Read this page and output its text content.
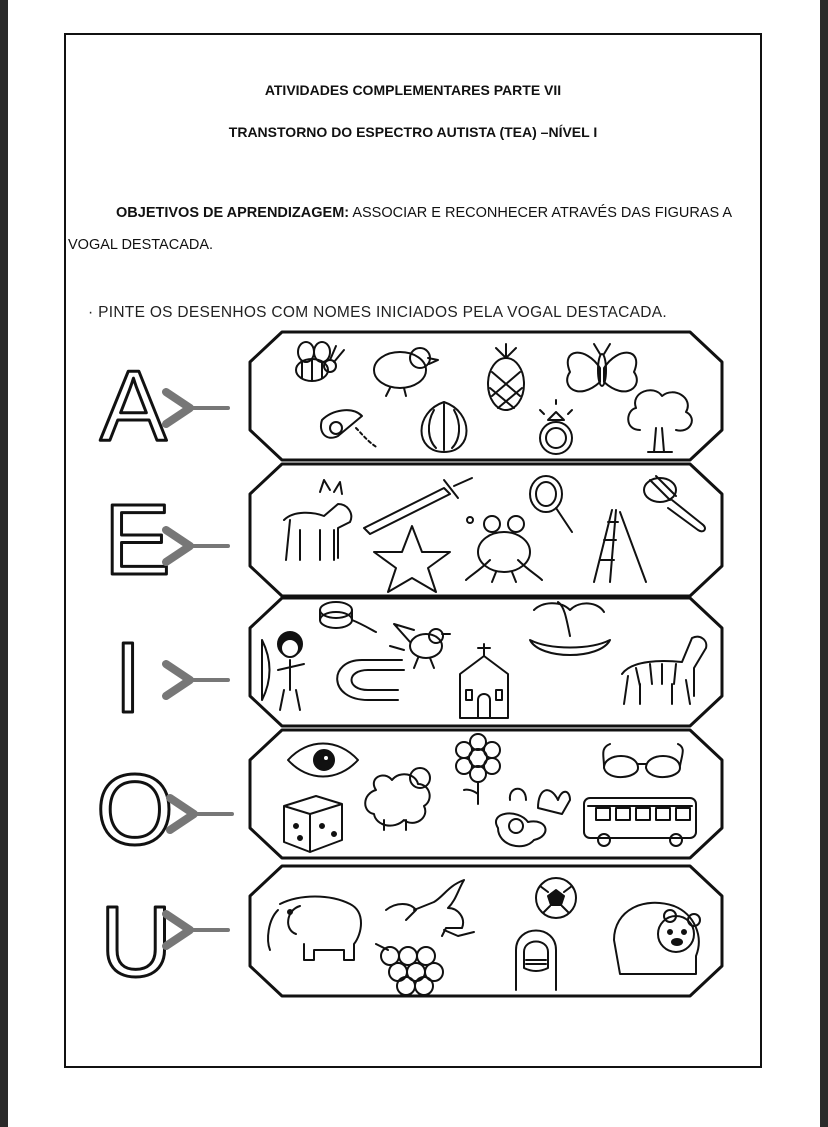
ATIVIDADES COMPLEMENTARES PARTE VII
TRANSTORNO DO ESPECTRO AUTISTA (TEA) –NÍVEL I
OBJETIVOS DE APRENDIZAGEM: ASSOCIAR E RECONHECER ATRAVÉS DAS FIGURAS A VOGAL DESTACADA.
· PINTE OS DESENHOS COM NOMES INICIADOS PELA VOGAL DESTACADA.
A
E
I
O
U
